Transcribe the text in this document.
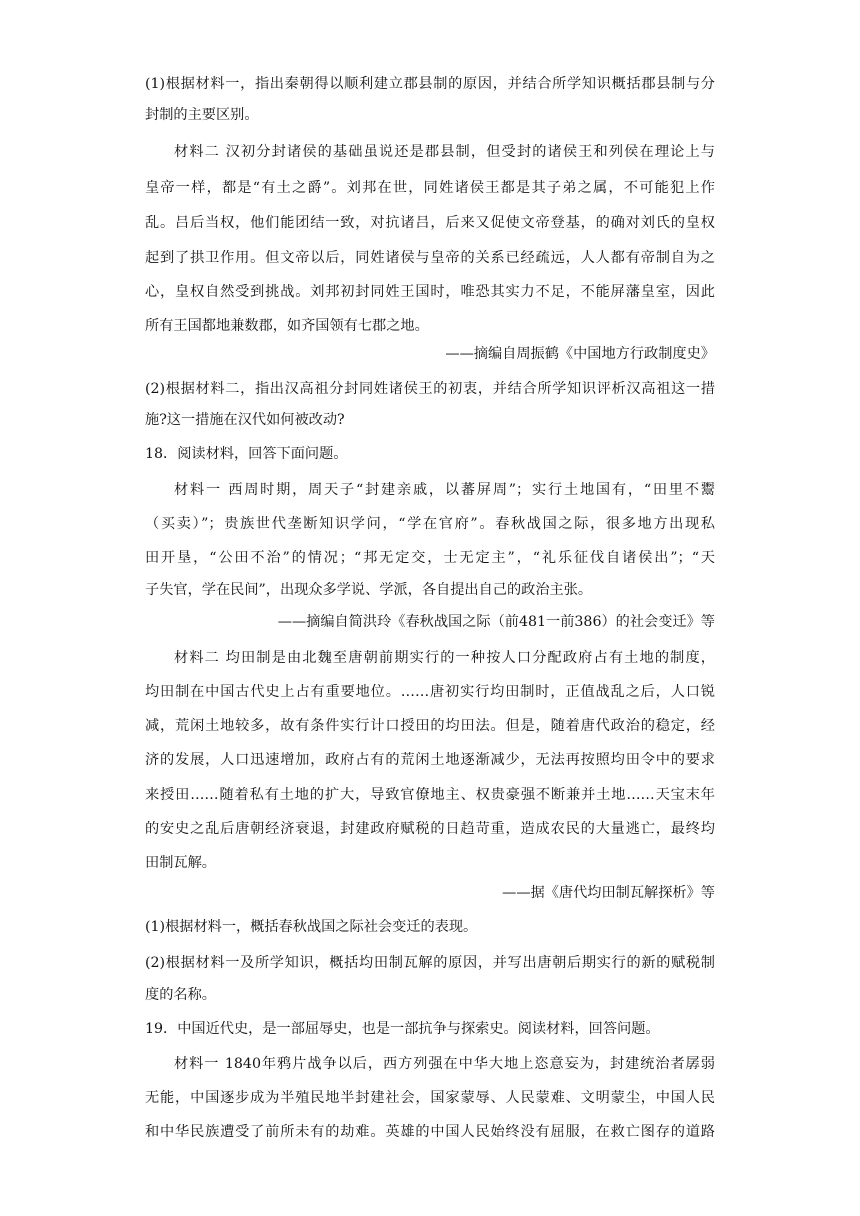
(1)根据材料一，指出秦朝得以顺利建立郡县制的原因，并结合所学知识概括郡县制与分
封制的主要区别。
材料二 汉初分封诸侯的基础虽说还是郡县制，但受封的诸侯王和列侯在理论上与
皇帝一样，都是“有土之爵”。刘邦在世，同姓诸侯王都是其子弟之属，不可能犯上作
乱。吕后当权，他们能团结一致，对抗诸吕，后来又促使文帝登基，的确对刘氏的皇权
起到了拱卫作用。但文帝以后，同姓诸侯与皇帝的关系已经疏远，人人都有帝制自为之
心，皇权自然受到挑战。刘邦初封同姓王国时，唯恐其实力不足，不能屏藩皇室，因此
所有王国都地兼数郡，如齐国领有七郡之地。
——摘编自周振鹤《中国地方行政制度史》
(2)根据材料二，指出汉高祖分封同姓诸侯王的初衷，并结合所学知识评析汉高祖这一措
施?这一措施在汉代如何被改动?
18．阅读材料，回答下面问题。
材料一 西周时期，周天子“封建亲戚，以蕃屏周”；实行土地国有，“田里不鬻
（买卖）”；贵族世代垄断知识学问，“学在官府”。春秋战国之际，很多地方出现私
田开垦，“公田不治”的情况；“邦无定交，士无定主”，“礼乐征伐自诸侯出”；“天
子失官，学在民间”，出现众多学说、学派，各自提出自己的政治主张。
——摘编自简洪玲《春秋战国之际（前481一前386）的社会变迁》等
材料二 均田制是由北魏至唐朝前期实行的一种按人口分配政府占有土地的制度，
均田制在中国古代史上占有重要地位。……唐初实行均田制时，正值战乱之后，人口锐
减，荒闲土地较多，故有条件实行计口授田的均田法。但是，随着唐代政治的稳定，经
济的发展，人口迅速增加，政府占有的荒闲土地逐渐减少，无法再按照均田令中的要求
来授田……随着私有土地的扩大，导致官僚地主、权贵豪强不断兼并土地……天宝末年
的安史之乱后唐朝经济衰退，封建政府赋税的日趋苛重，造成农民的大量逃亡，最终均
田制瓦解。
——据《唐代均田制瓦解探析》等
(1)根据材料一，概括春秋战国之际社会变迁的表现。
(2)根据材料一及所学知识，概括均田制瓦解的原因，并写出唐朝后期实行的新的赋税制
度的名称。
19．中国近代史，是一部屈辱史，也是一部抗争与探索史。阅读材料，回答问题。
材料一 1840年鸦片战争以后，西方列强在中华大地上恣意妄为，封建统治者孱弱
无能，中国逐步成为半殖民地半封建社会，国家蒙辱、人民蒙难、文明蒙尘，中国人民
和中华民族遭受了前所未有的劫难。英雄的中国人民始终没有屈服，在救亡图存的道路
